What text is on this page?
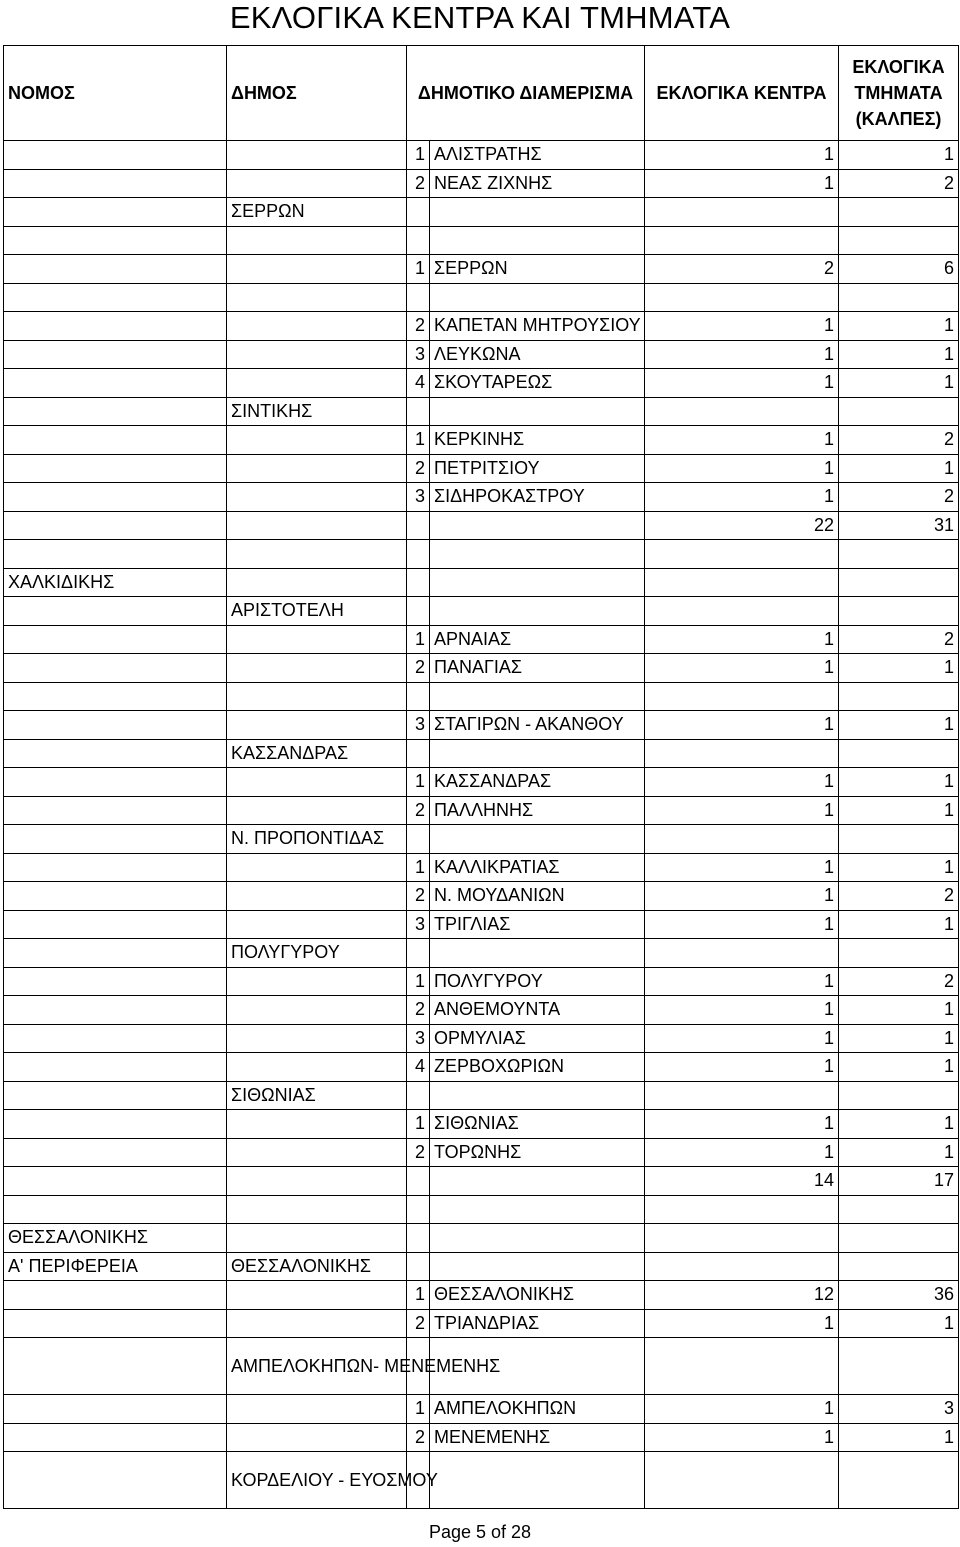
ΕΚΛΟΓΙΚΑ ΚΕΝΤΡΑ ΚΑΙ ΤΜΗΜΑΤΑ
ΝΟΜΟΣ	ΔΗΜΟΣ	ΔΗΜΟΤΙΚΟ ΔΙΑΜΕΡΙΣΜΑ		ΕΚΛΟΓΙΚΑ ΚΕΝΤΡΑ	ΕΚΛΟΓΙΚΑ ΤΜΗΜΑΤΑ (ΚΑΛΠΕΣ)
		1	ΑΛΙΣΤΡΑΤΗΣ	1	1
		2	ΝΕΑΣ ΖΙΧΝΗΣ	1	2
	ΣΕΡΡΩΝ				

		1	ΣΕΡΡΩΝ	2	6

		2	ΚΑΠΕΤΑΝ ΜΗΤΡΟΥΣΙΟΥ	1	1
		3	ΛΕΥΚΩΝΑ	1	1
		4	ΣΚΟΥΤΑΡΕΩΣ	1	1
	ΣΙΝΤΙΚΗΣ				
		1	ΚΕΡΚΙΝΗΣ	1	2
		2	ΠΕΤΡΙΤΣΙΟΥ	1	1
		3	ΣΙΔΗΡΟΚΑΣΤΡΟΥ	1	2
				22	31

ΧΑΛΚΙΔΙΚΗΣ					
	ΑΡΙΣΤΟΤΕΛΗ				
		1	ΑΡΝΑΙΑΣ	1	2
		2	ΠΑΝΑΓΙΑΣ	1	1

		3	ΣΤΑΓΙΡΩΝ - ΑΚΑΝΘΟΥ	1	1
	ΚΑΣΣΑΝΔΡΑΣ				
		1	ΚΑΣΣΑΝΔΡΑΣ	1	1
		2	ΠΑΛΛΗΝΗΣ	1	1
	Ν. ΠΡΟΠΟΝΤΙΔΑΣ				
		1	ΚΑΛΛΙΚΡΑΤΙΑΣ	1	1
		2	Ν. ΜΟΥΔΑΝΙΩΝ	1	2
		3	ΤΡΙΓΛΙΑΣ	1	1
	ΠΟΛΥΓΥΡΟΥ				
		1	ΠΟΛΥΓΥΡΟΥ	1	2
		2	ΑΝΘΕΜΟΥΝΤΑ	1	1
		3	ΟΡΜΥΛΙΑΣ	1	1
		4	ΖΕΡΒΟΧΩΡΙΩΝ	1	1
	ΣΙΘΩΝΙΑΣ				
		1	ΣΙΘΩΝΙΑΣ	1	1
		2	ΤΟΡΩΝΗΣ	1	1
				14	17

ΘΕΣΣΑΛΟΝΙΚΗΣ					
Α' ΠΕΡΙΦΕΡΕΙΑ	ΘΕΣΣΑΛΟΝΙΚΗΣ				
		1	ΘΕΣΣΑΛΟΝΙΚΗΣ	12	36
		2	ΤΡΙΑΝΔΡΙΑΣ	1	1
	ΑΜΠΕΛΟΚΗΠΩΝ- ΜΕΝΕΜΕΝΗΣ				
		1	ΑΜΠΕΛΟΚΗΠΩΝ	1	3
		2	ΜΕΝΕΜΕΝΗΣ	1	1
	ΚΟΡΔΕΛΙΟΥ - ΕΥΟΣΜΟΥ				
Page 5 of 28
